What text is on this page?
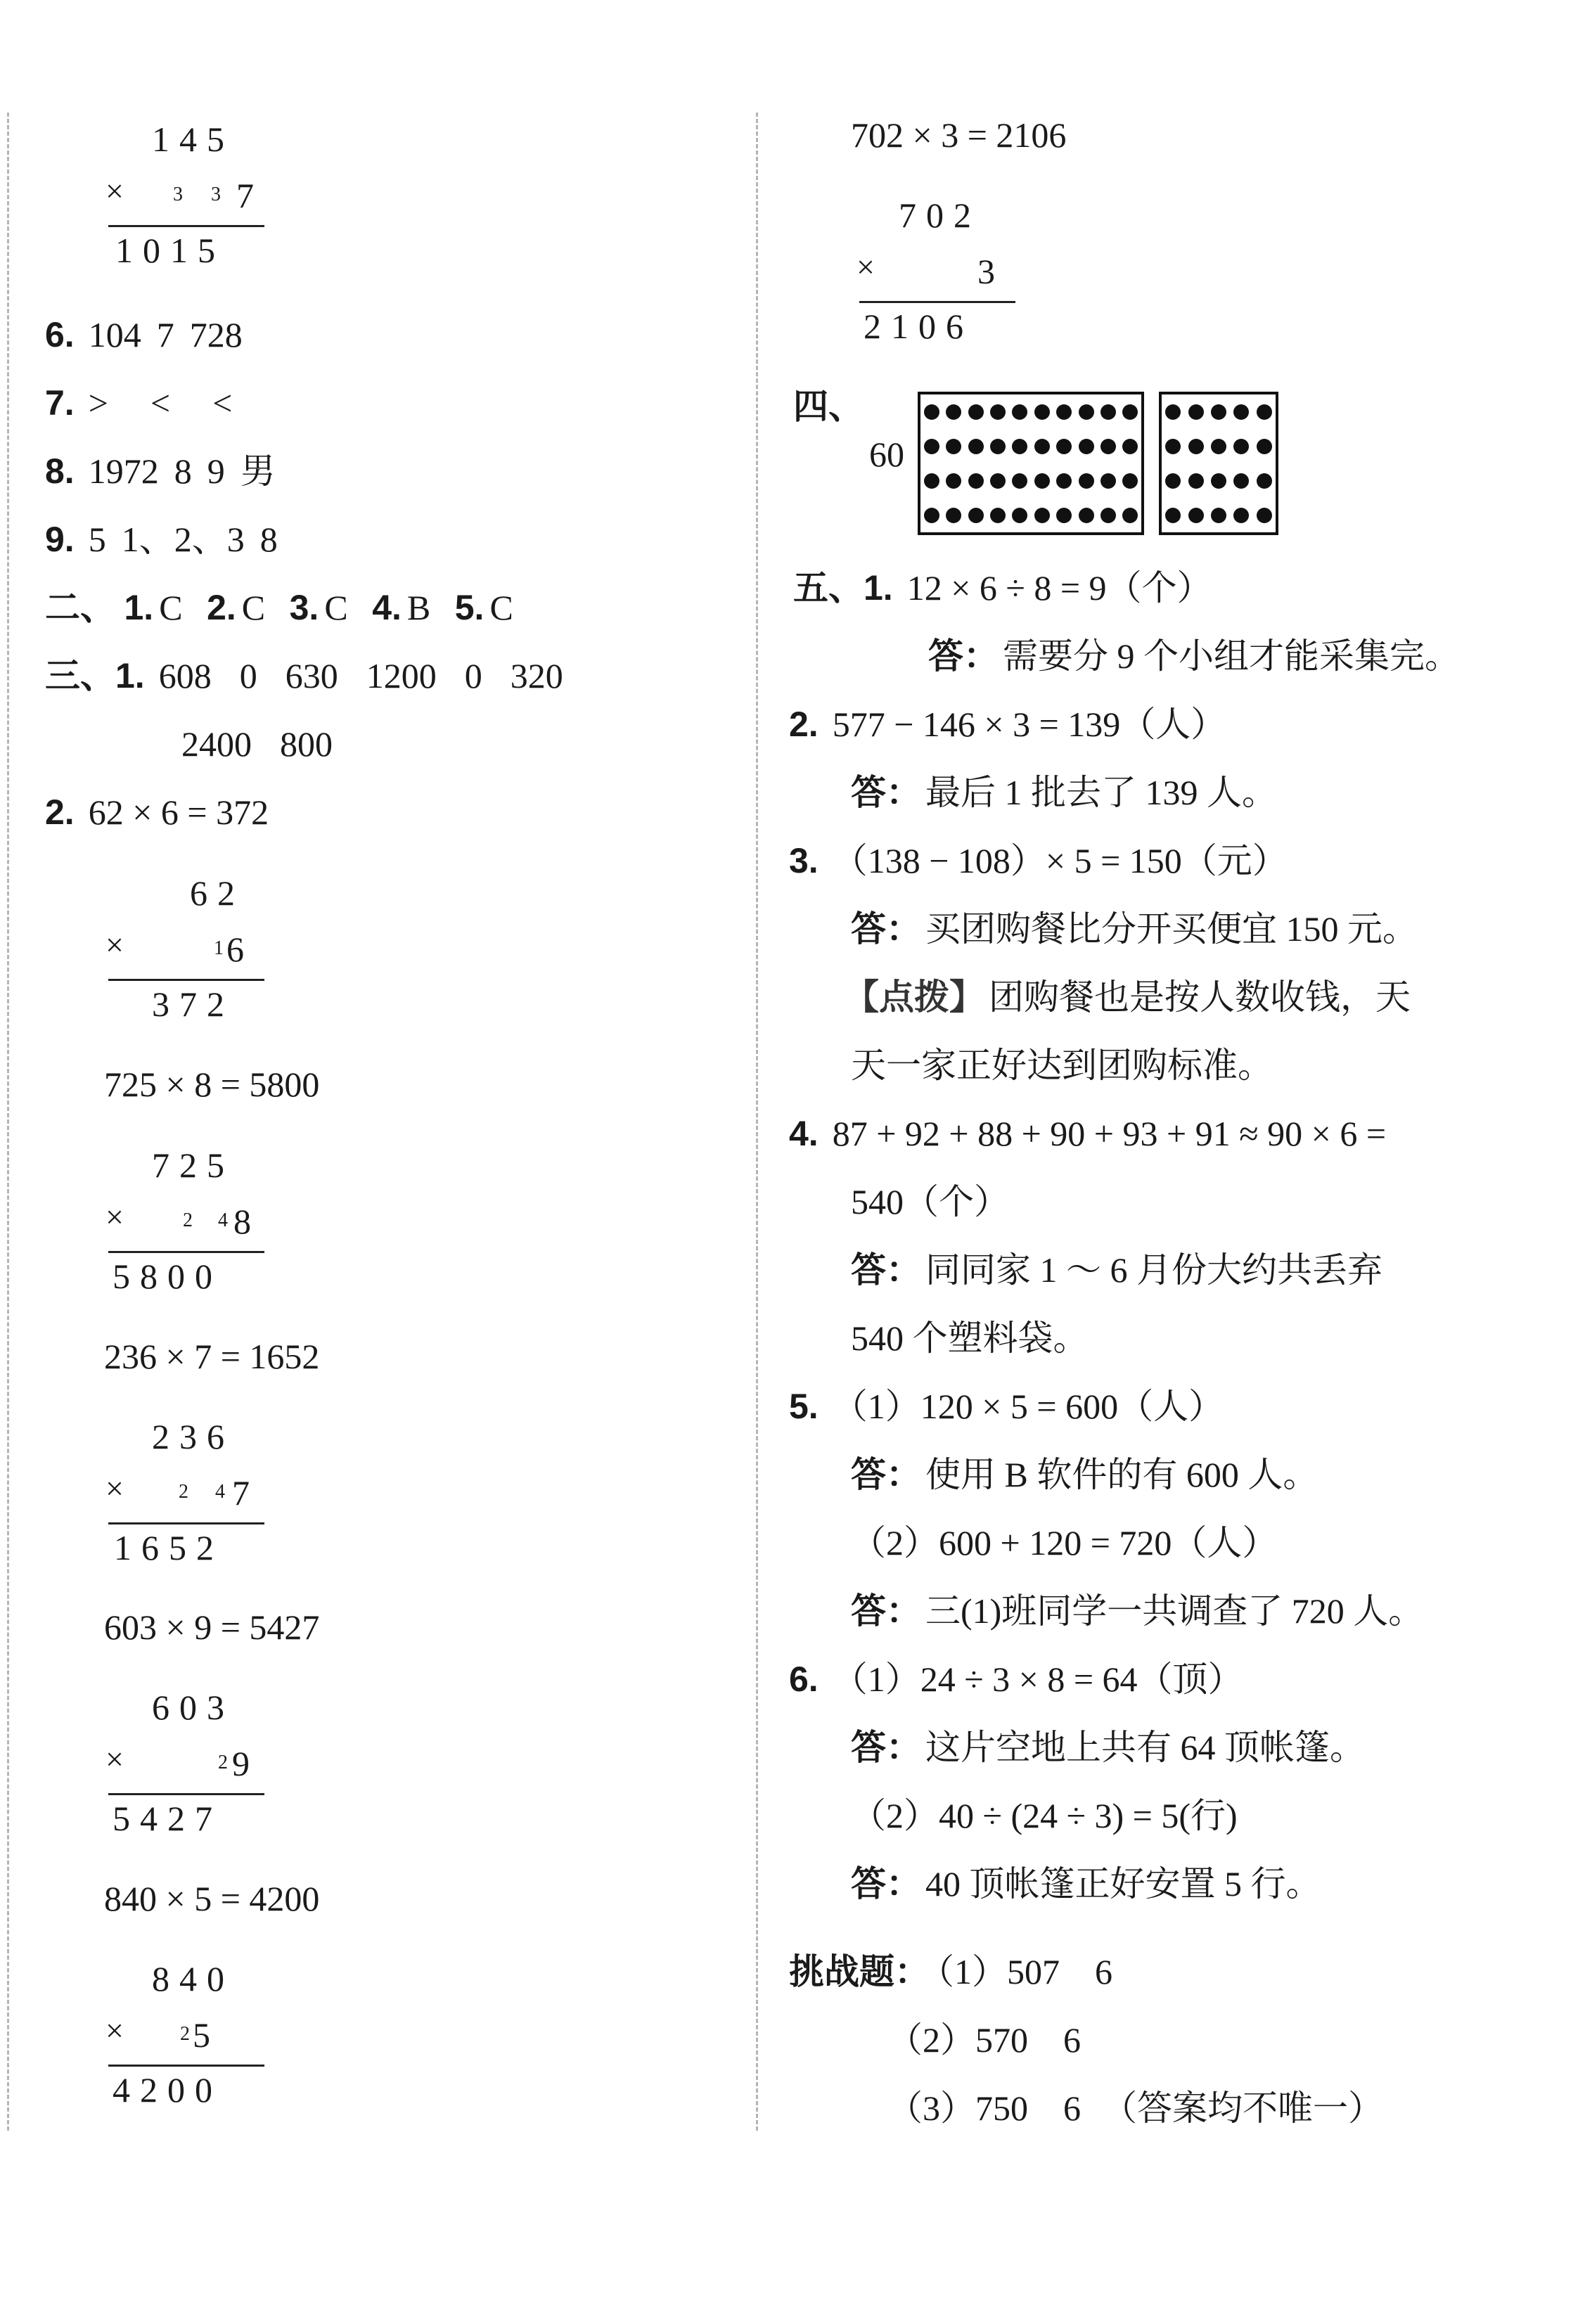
145
×	3 3 7
1015
6. 104 7 728
7. > < <
8. 1972 8 9 男
9. 5 1、2、3 8
二、 1. C 2. C 3. C 4. B 5. C
三、1. 608 0 630 1200 0 320
2400 800
2. 62 × 6 = 372
62
×	1 6
372
725 × 8 = 5800
725
×	2 4 8
5800
236 × 7 = 1652
236
×	2 4 7
1652
603 × 9 = 5427
603
×	2 9
5427
840 × 5 = 4200
840
×	2 5
4200
702 × 3 = 2106
702
×	3
2106
四、
60
五、1. 12 × 6 ÷ 8 = 9（个）
答： 需要分 9 个小组才能采集完。
2. 577 − 146 × 3 = 139（人）
答： 最后 1 批去了 139 人。
3. （138 − 108）× 5 = 150（元）
答： 买团购餐比分开买便宜 150 元。
【点拨】 团购餐也是按人数收钱，天
天一家正好达到团购标准。
4. 87 + 92 + 88 + 90 + 93 + 91 ≈ 90 × 6 =
540（个）
答： 同同家 1 ～ 6 月份大约共丢弃
540 个塑料袋。
5. （1）120 × 5 = 600（人）
答： 使用 B 软件的有 600 人。
（2）600 + 120 = 720（人）
答： 三(1)班同学一共调查了 720 人。
6. （1）24 ÷ 3 × 8 = 64（顶）
答： 这片空地上共有 64 顶帐篷。
（2）40 ÷ (24 ÷ 3) = 5(行)
答： 40 顶帐篷正好安置 5 行。
挑战题： （1）507　6
（2）570　6
（3）750　6 （答案均不唯一）
